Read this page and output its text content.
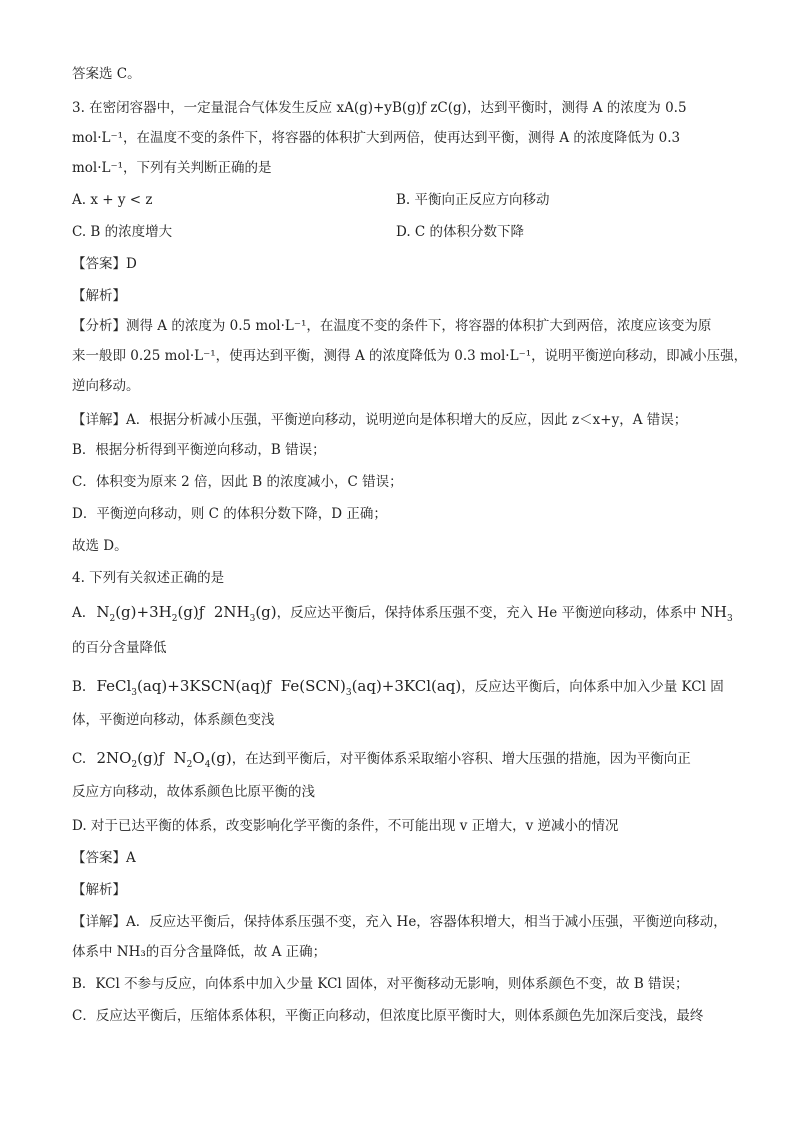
答案选 C。
3. 在密闭容器中，一定量混合气体发生反应 xA(g)+yB(g)ƒ zC(g)，达到平衡时，测得 A 的浓度为 0.5
mol·L⁻¹，在温度不变的条件下，将容器的体积扩大到两倍，使再达到平衡，测得 A 的浓度降低为 0.3
mol·L⁻¹，下列有关判断正确的是
A. x + y < z	B. 平衡向正反应方向移动
C. B 的浓度增大	D. C 的体积分数下降
【答案】D
【解析】
【分析】测得 A 的浓度为 0.5 mol·L⁻¹，在温度不变的条件下，将容器的体积扩大到两倍，浓度应该变为原
来一般即 0.25 mol·L⁻¹，使再达到平衡，测得 A 的浓度降低为 0.3 mol·L⁻¹，说明平衡逆向移动，即减小压强，
逆向移动。
【详解】A．根据分析减小压强，平衡逆向移动，说明逆向是体积增大的反应，因此 z＜x+y，A 错误；
B．根据分析得到平衡逆向移动，B 错误；
C．体积变为原来 2 倍，因此 B 的浓度减小，C 错误；
D．平衡逆向移动，则 C 的体积分数下降，D 正确；
故选 D。
4. 下列有关叙述正确的是
A. $N_2(g)+3H_2(g)ƒ$  $2NH_3(g)$，反应达平衡后，保持体系压强不变，充入 He 平衡逆向移动，体系中 $NH_3$
的百分含量降低
B. FeCl$_3$(aq)+3KSCN(aq)ƒ  $Fe(SCN)_3(aq)+3KCl(aq)$，反应达平衡后，向体系中加入少量 KCl 固
体，平衡逆向移动，体系颜色变浅
C. $2NO_2(g)ƒ$  $N_2O_4(g)$，在达到平衡后，对平衡体系采取缩小容积、增大压强的措施，因为平衡向正
反应方向移动，故体系颜色比原平衡的浅
D. 对于已达平衡的体系，改变影响化学平衡的条件，不可能出现 v 正增大，v 逆减小的情况
【答案】A
【解析】
【详解】A．反应达平衡后，保持体系压强不变，充入 He，容器体积增大，相当于减小压强，平衡逆向移动，
体系中 NH₃的百分含量降低，故 A 正确；
B．KCl 不参与反应，向体系中加入少量 KCl 固体，对平衡移动无影响，则体系颜色不变，故 B 错误；
C．反应达平衡后，压缩体系体积，平衡正向移动，但浓度比原平衡时大，则体系颜色先加深后变浅，最终
